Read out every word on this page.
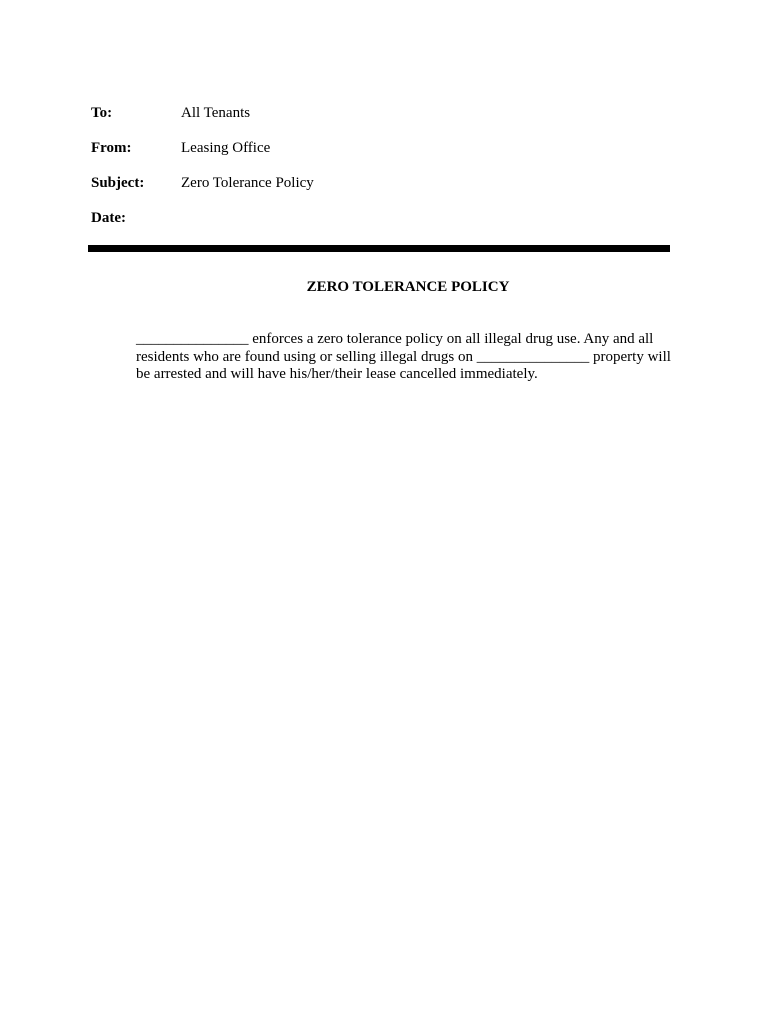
To:	All Tenants
From:	Leasing Office
Subject:	Zero Tolerance Policy
Date:
ZERO TOLERANCE POLICY

_______________ enforces a zero tolerance policy on all illegal drug use. Any and all residents who are found using or selling illegal drugs on _______________ property will be arrested and will have his/her/their lease cancelled immediately.
